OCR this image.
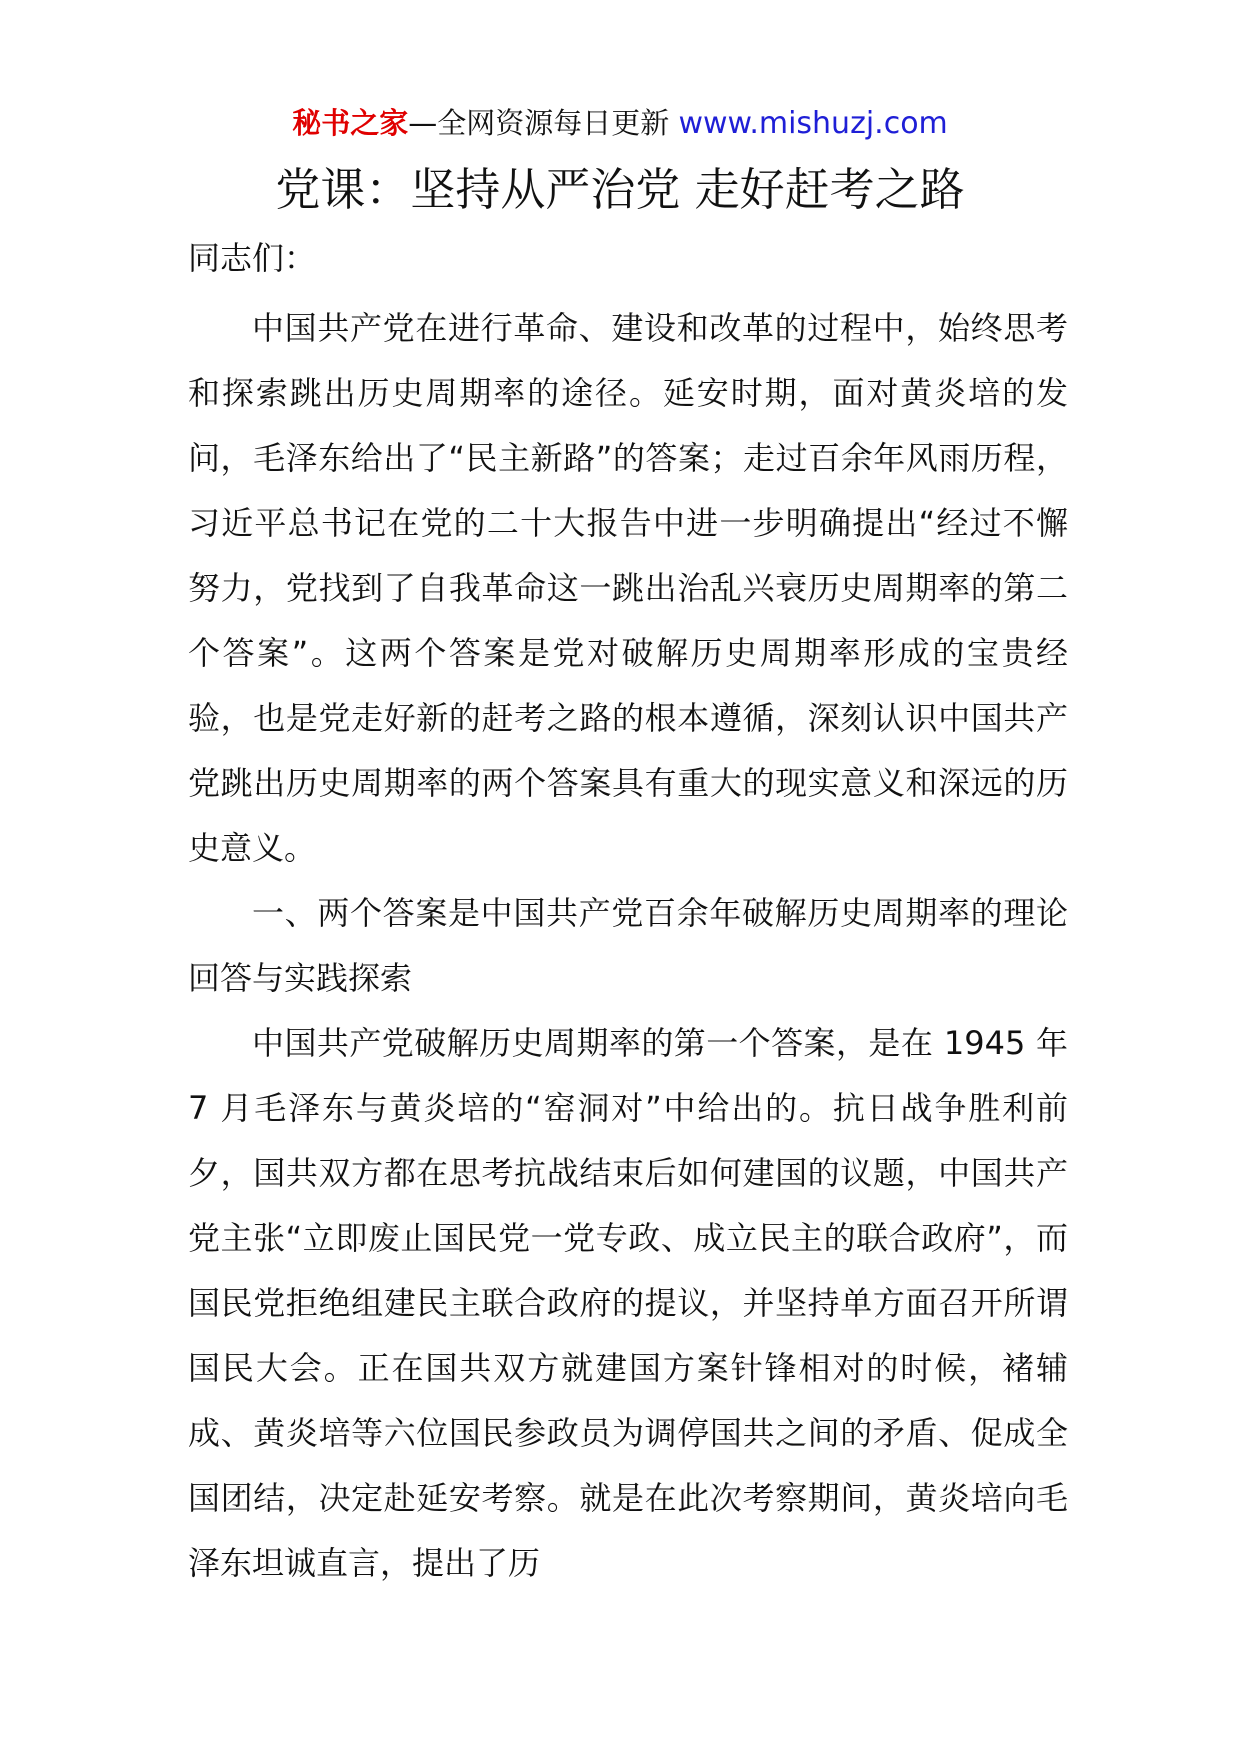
秘书之家—全网资源每日更新 www.mishuzj.com
党课：坚持从严治党 走好赶考之路

同志们：

中国共产党在进行革命、建设和改革的过程中，始终思考和探索跳出历史周期率的途径。延安时期，面对黄炎培的发问，毛泽东给出了“民主新路”的答案；走过百余年风雨历程，习近平总书记在党的二十大报告中进一步明确提出“经过不懈努力，党找到了自我革命这一跳出治乱兴衰历史周期率的第二个答案”。这两个答案是党对破解历史周期率形成的宝贵经验，也是党走好新的赶考之路的根本遵循，深刻认识中国共产党跳出历史周期率的两个答案具有重大的现实意义和深远的历史意义。

一、两个答案是中国共产党百余年破解历史周期率的理论回答与实践探索

中国共产党破解历史周期率的第一个答案，是在 1945 年 7 月毛泽东与黄炎培的“窑洞对”中给出的。抗日战争胜利前夕，国共双方都在思考抗战结束后如何建国的议题，中国共产党主张“立即废止国民党一党专政、成立民主的联合政府”，而国民党拒绝组建民主联合政府的提议，并坚持单方面召开所谓国民大会。正在国共双方就建国方案针锋相对的时候，褚辅成、黄炎培等六位国民参政员为调停国共之间的矛盾、促成全国团结，决定赴延安考察。就是在此次考察期间，黄炎培向毛泽东坦诚直言，提出了历
